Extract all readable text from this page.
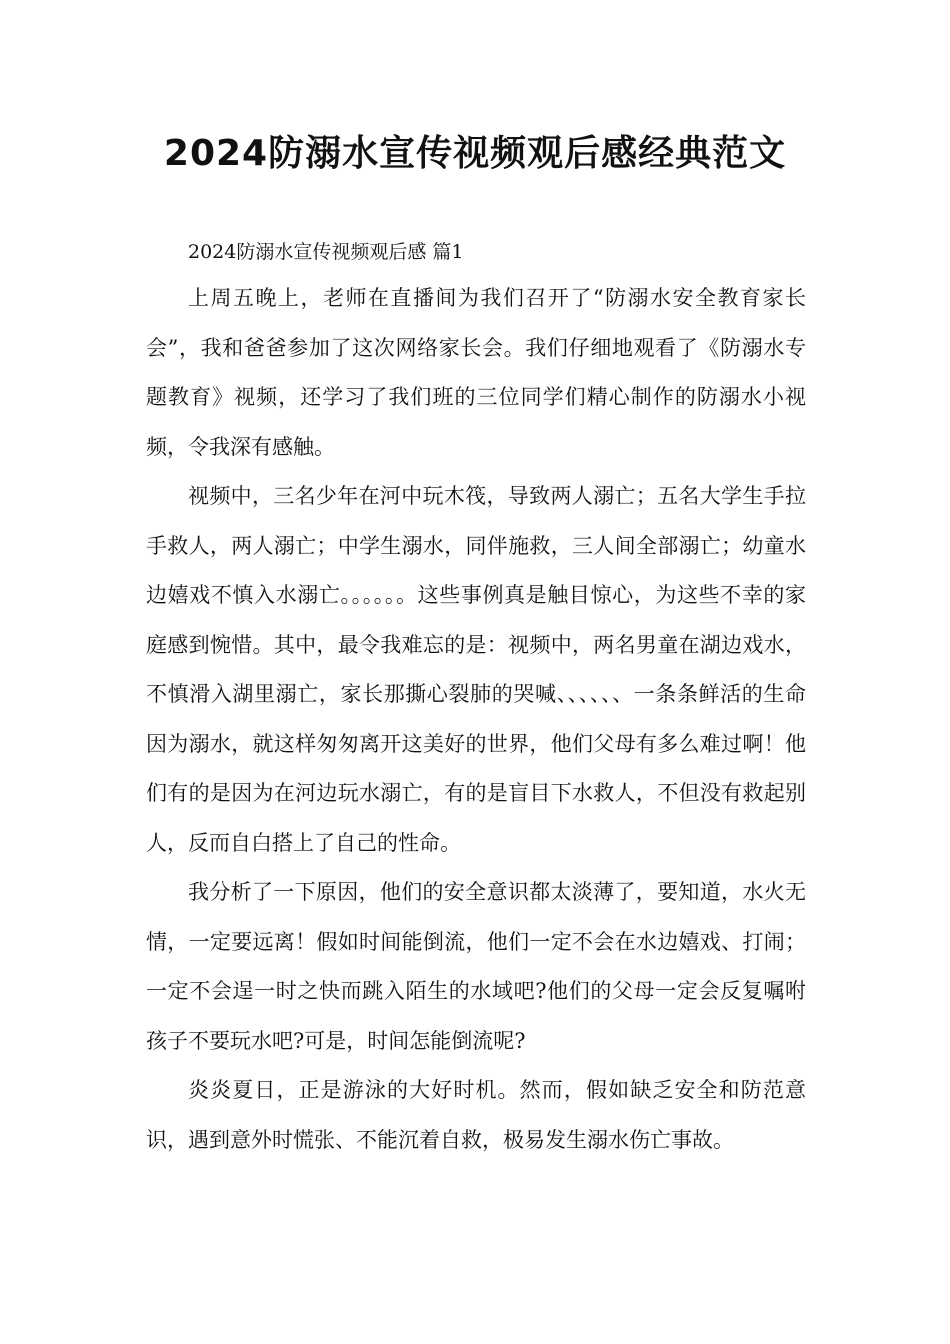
2024防溺水宣传视频观后感经典范文

2024防溺水宣传视频观后感 篇1

上周五晚上，老师在直播间为我们召开了“防溺水安全教育家长会”，我和爸爸参加了这次网络家长会。我们仔细地观看了《防溺水专题教育》视频，还学习了我们班的三位同学们精心制作的防溺水小视频，令我深有感触。

视频中，三名少年在河中玩木筏，导致两人溺亡；五名大学生手拉手救人，两人溺亡；中学生溺水，同伴施救，三人间全部溺亡；幼童水边嬉戏不慎入水溺亡。。。。。。这些事例真是触目惊心，为这些不幸的家庭感到惋惜。其中，最令我难忘的是：视频中，两名男童在湖边戏水，不慎滑入湖里溺亡，家长那撕心裂肺的哭喊、、、、、、一条条鲜活的生命因为溺水，就这样匆匆离开这美好的世界，他们父母有多么难过啊！他们有的是因为在河边玩水溺亡，有的是盲目下水救人，不但没有救起别人，反而自白搭上了自己的性命。

我分析了一下原因，他们的安全意识都太淡薄了，要知道，水火无情，一定要远离！假如时间能倒流，他们一定不会在水边嬉戏、打闹；一定不会逞一时之快而跳入陌生的水域吧?他们的父母一定会反复嘱咐孩子不要玩水吧?可是，时间怎能倒流呢?

炎炎夏日，正是游泳的大好时机。然而，假如缺乏安全和防范意识，遇到意外时慌张、不能沉着自救，极易发生溺水伤亡事故。
